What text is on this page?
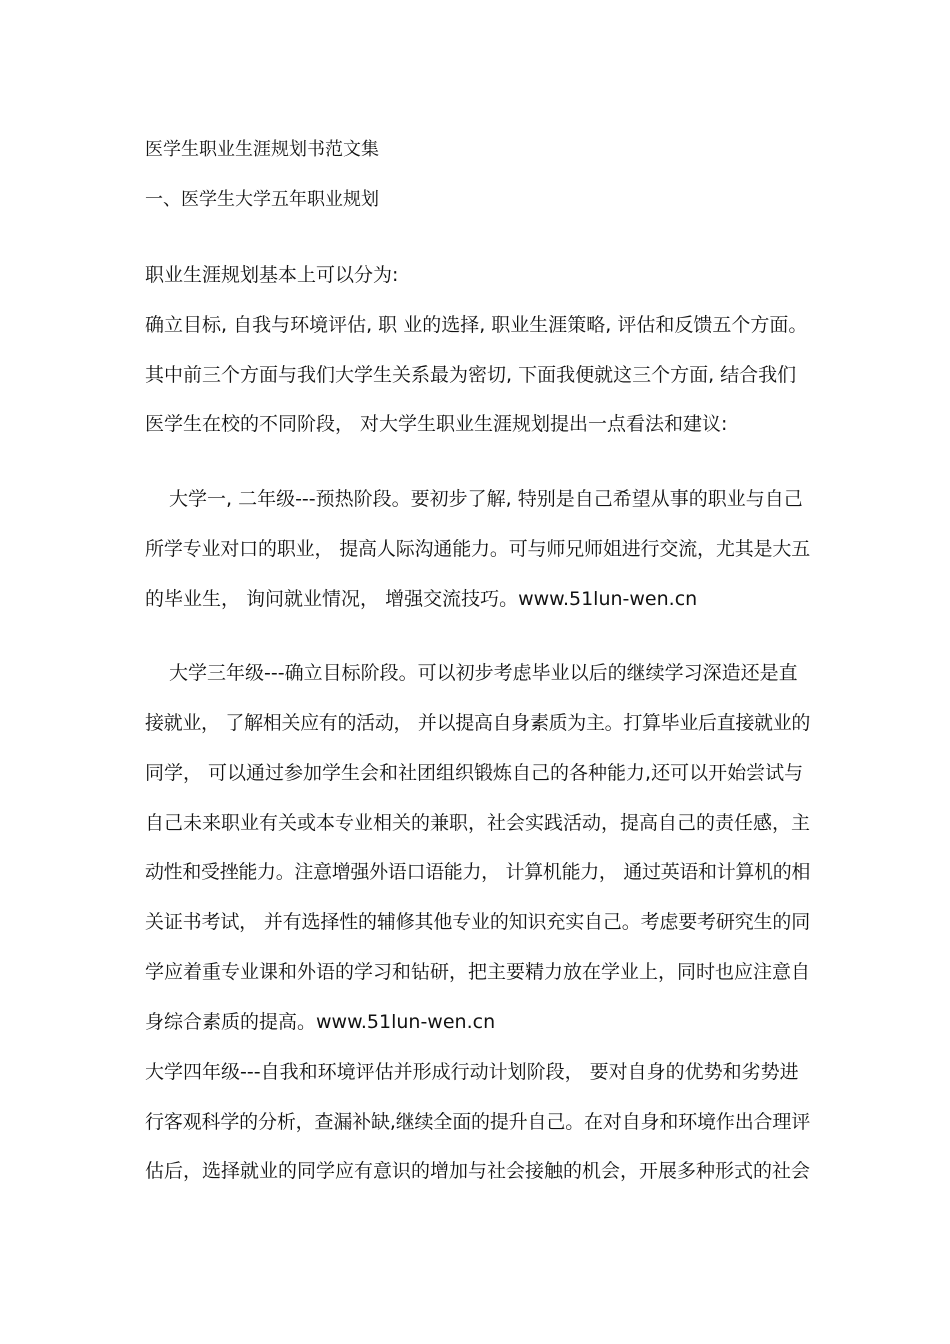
医学生职业生涯规划书范文集
一、医学生大学五年职业规划
职业生涯规划基本上可以分为:
确立目标, 自我与环境评估, 职 业的选择, 职业生涯策略, 评估和反馈五个方面。
其中前三个方面与我们大学生关系最为密切, 下面我便就这三个方面, 结合我们
医学生在校的不同阶段， 对大学生职业生涯规划提出一点看法和建议:
大学一, 二年级---预热阶段。要初步了解, 特别是自己希望从事的职业与自己
所学专业对口的职业， 提高人际沟通能力。可与师兄师姐进行交流，尤其是大五
的毕业生， 询问就业情况， 增强交流技巧。www.51lun-wen.cn
大学三年级---确立目标阶段。可以初步考虑毕业以后的继续学习深造还是直
接就业， 了解相关应有的活动， 并以提高自身素质为主。打算毕业后直接就业的
同学， 可以通过参加学生会和社团组织锻炼自己的各种能力,还可以开始尝试与
自己未来职业有关或本专业相关的兼职，社会实践活动，提高自己的责任感，主
动性和受挫能力。注意增强外语口语能力， 计算机能力， 通过英语和计算机的相
关证书考试， 并有选择性的辅修其他专业的知识充实自己。考虑要考研究生的同
学应着重专业课和外语的学习和钻研，把主要精力放在学业上，同时也应注意自
身综合素质的提高。www.51lun-wen.cn
大学四年级---自我和环境评估并形成行动计划阶段， 要对自身的优势和劣势进
行客观科学的分析，查漏补缺,继续全面的提升自己。在对自身和环境作出合理评
估后，选择就业的同学应有意识的增加与社会接触的机会，开展多种形式的社会
